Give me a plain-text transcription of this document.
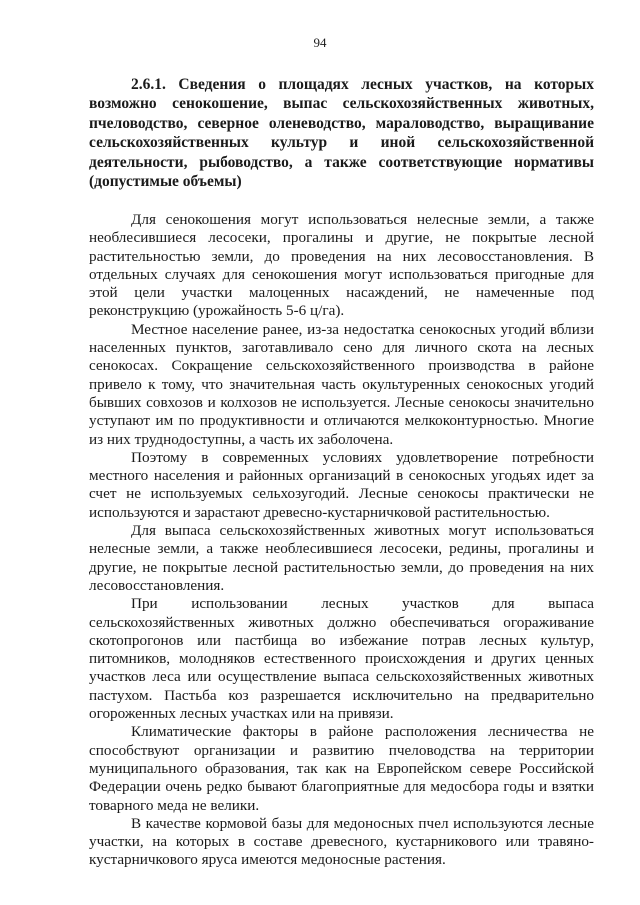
94
2.6.1. Сведения о площадях лесных участков, на которых возможно сенокошение, выпас сельскохозяйственных животных, пчеловодство, северное оленеводство, мараловодство, выращивание сельскохозяйственных культур и иной сельскохозяйственной деятельности, рыбоводство, а также соответствующие нормативы (допустимые объемы)

Для сенокошения могут использоваться нелесные земли, а также необлесившиеся лесосеки, прогалины и другие, не покрытые лесной растительностью земли, до проведения на них лесовосстановления. В отдельных случаях для сенокошения могут использоваться пригодные для этой цели участки малоценных насаждений, не намеченные под реконструкцию (урожайность 5-6 ц/га).

Местное население ранее, из-за недостатка сенокосных угодий вблизи населенных пунктов, заготавливало сено для личного скота на лесных сенокосах. Сокращение сельскохозяйственного производства в районе привело к тому, что значительная часть окультуренных сенокосных угодий бывших совхозов и колхозов не используется. Лесные сенокосы значительно уступают им по продуктивности и отличаются мелкоконтурностью. Многие из них труднодоступны, а часть их заболочена.

Поэтому в современных условиях удовлетворение потребности местного населения и районных организаций в сенокосных угодьях идет за счет не используемых сельхозугодий. Лесные сенокосы практически не используются и зарастают древесно-кустарничковой растительностью.

Для выпаса сельскохозяйственных животных могут использоваться нелесные земли, а также необлесившиеся лесосеки, редины, прогалины и другие, не покрытые лесной растительностью земли, до проведения на них лесовосстановления.

При использовании лесных участков для выпаса сельскохозяйственных животных должно обеспечиваться огораживание скотопрогонов или пастбища во избежание потрав лесных культур, питомников, молодняков естественного происхождения и других ценных участков леса или осуществление выпаса сельскохозяйственных животных пастухом. Пастьба коз разрешается исключительно на предварительно огороженных лесных участках или на привязи.

Климатические факторы в районе расположения лесничества не способствуют организации и развитию пчеловодства на территории муниципального образования, так как на Европейском севере Российской Федерации очень редко бывают благоприятные для медосбора годы и взятки товарного меда не велики.

В качестве кормовой базы для медоносных пчел используются лесные участки, на которых в составе древесного, кустарникового или травяно-кустарничкового яруса имеются медоносные растения.
